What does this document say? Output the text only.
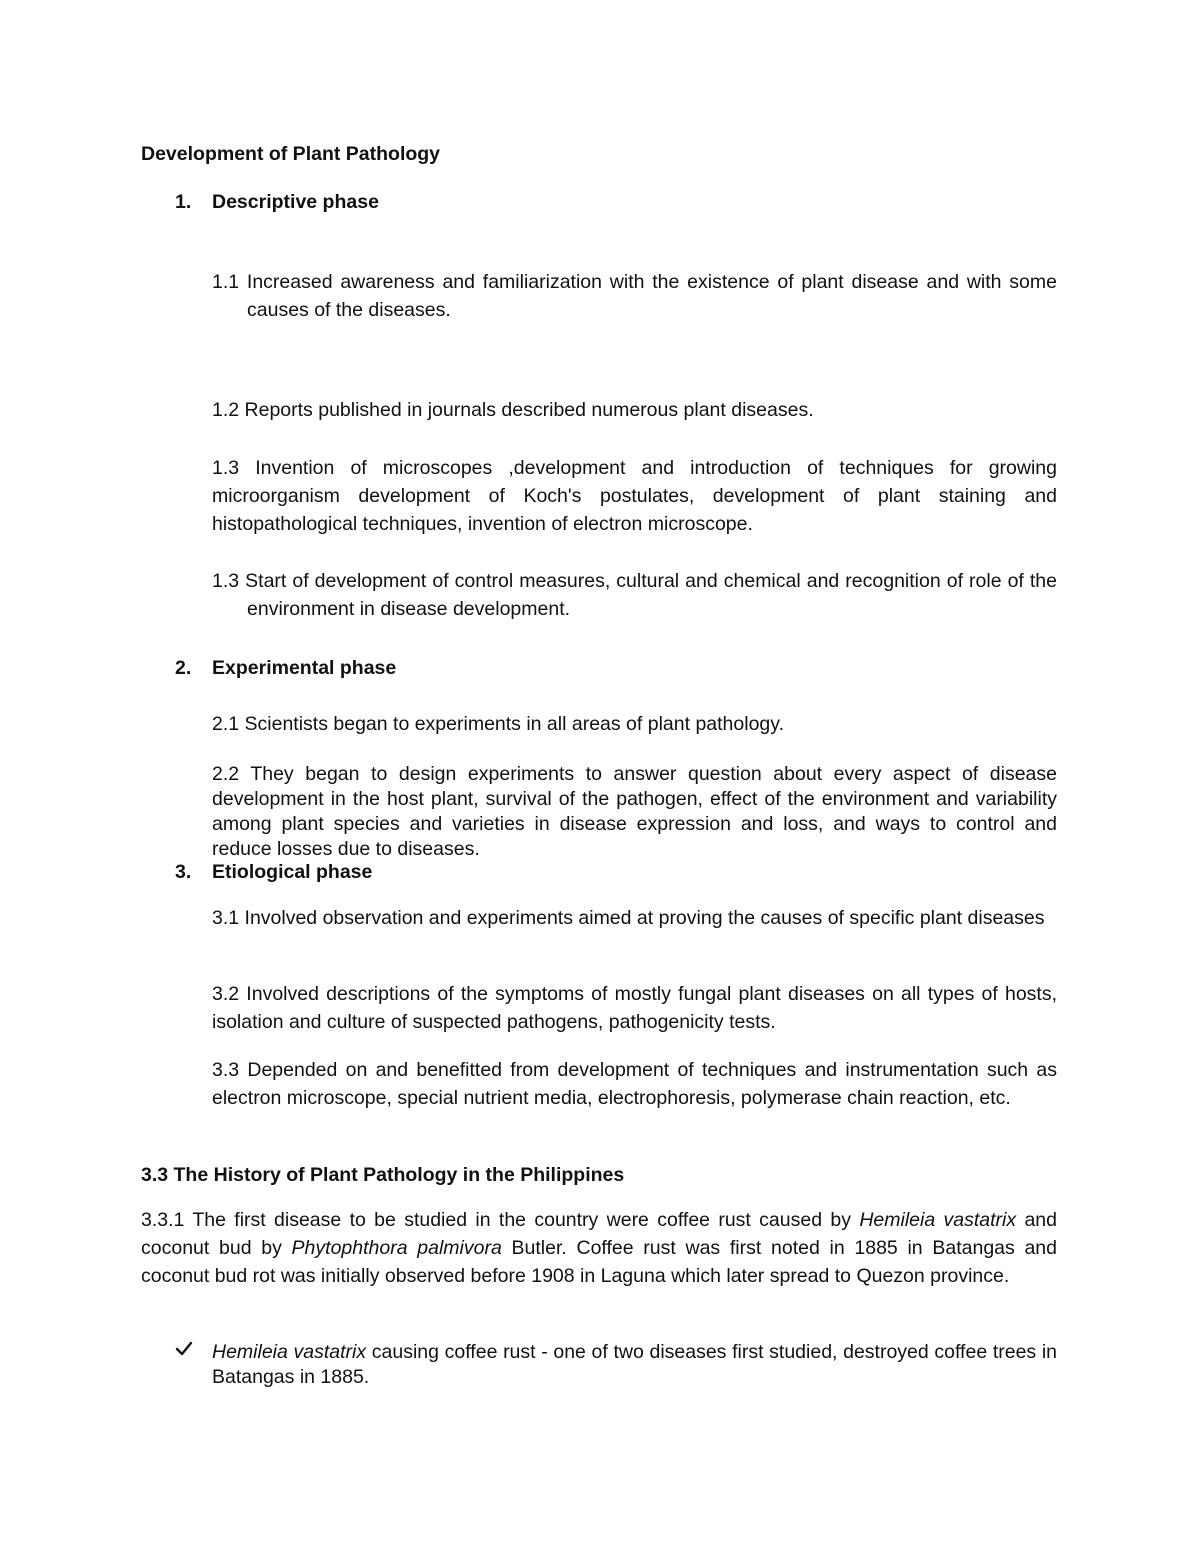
Development of Plant Pathology

1. Descriptive phase

1.1 Increased awareness and familiarization with the existence of plant disease and with some causes of the diseases.

1.2 Reports published in journals described numerous plant diseases.

1.3 Invention of microscopes ,development and introduction of techniques for growing microorganism development of Koch's postulates, development of plant staining and histopathological techniques, invention of electron microscope.

1.3 Start of development of control measures, cultural and chemical and recognition of role of the environment in disease development.

2. Experimental phase

2.1 Scientists began to experiments in all areas of plant pathology.

2.2 They began to design experiments to answer question about every aspect of disease development in the host plant, survival of the pathogen, effect of the environment and variability among plant species and varieties in disease expression and loss, and ways to control and reduce losses due to diseases.

3. Etiological phase

3.1 Involved observation and experiments aimed at proving the causes of specific plant diseases

3.2 Involved descriptions of the symptoms of mostly fungal plant diseases on all types of hosts, isolation and culture of suspected pathogens, pathogenicity tests.

3.3 Depended on and benefitted from development of techniques and instrumentation such as electron microscope, special nutrient media, electrophoresis, polymerase chain reaction, etc.

3.3 The History of Plant Pathology in the Philippines

3.3.1 The first disease to be studied in the country were coffee rust caused by Hemileia vastatrix and coconut bud by Phytophthora palmivora Butler. Coffee rust was first noted in 1885 in Batangas and coconut bud rot was initially observed before 1908 in Laguna which later spread to Quezon province.

Hemileia vastatrix causing coffee rust - one of two diseases first studied, destroyed coffee trees in Batangas in 1885.
